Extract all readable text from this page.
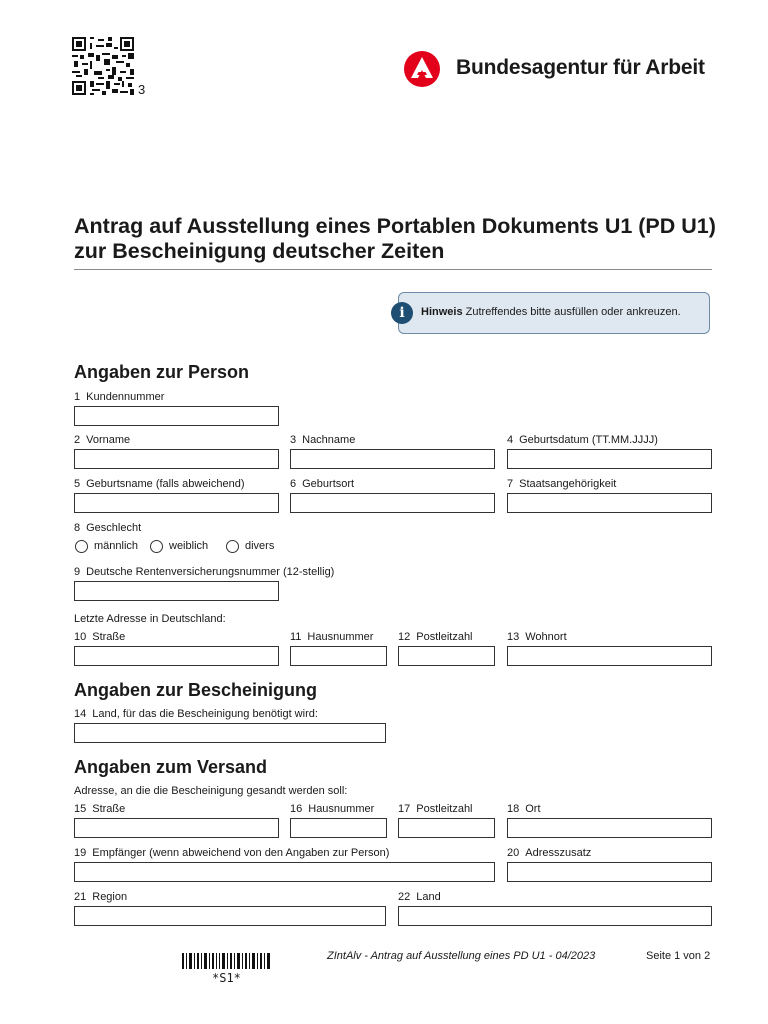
3
Bundesagentur für Arbeit
Antrag auf Ausstellung eines Portablen Dokuments U1 (PD U1)
zur Bescheinigung deutscher Zeiten
Hinweis Zutreffendes bitte ausfüllen oder ankreuzen.
i
Angaben zur Person
1 Kundennummer
2 Vorname	3 Nachname	4 Geburtsdatum (TT.MM.JJJJ)
5 Geburtsname (falls abweichend)	6 Geburtsort	7 Staatsangehörigkeit
8 Geschlecht
männlich	weiblich	divers
9 Deutsche Rentenversicherungsnummer (12-stellig)
Letzte Adresse in Deutschland:
10 Straße	11 Hausnummer 12 Postleitzahl	13 Wohnort
Angaben zur Bescheinigung
14 Land, für das die Bescheinigung benötigt wird:
Angaben zum Versand
Adresse, an die die Bescheinigung gesandt werden soll:
15 Straße	16 Hausnummer 17 Postleitzahl	18 Ort
19 Empfänger (wenn abweichend von den Angaben zur Person)	20 Adresszusatz
21 Region	22 Land
*S1*
ZIntAlv - Antrag auf Ausstellung eines PD U1 - 04/2023	Seite 1 von 2
